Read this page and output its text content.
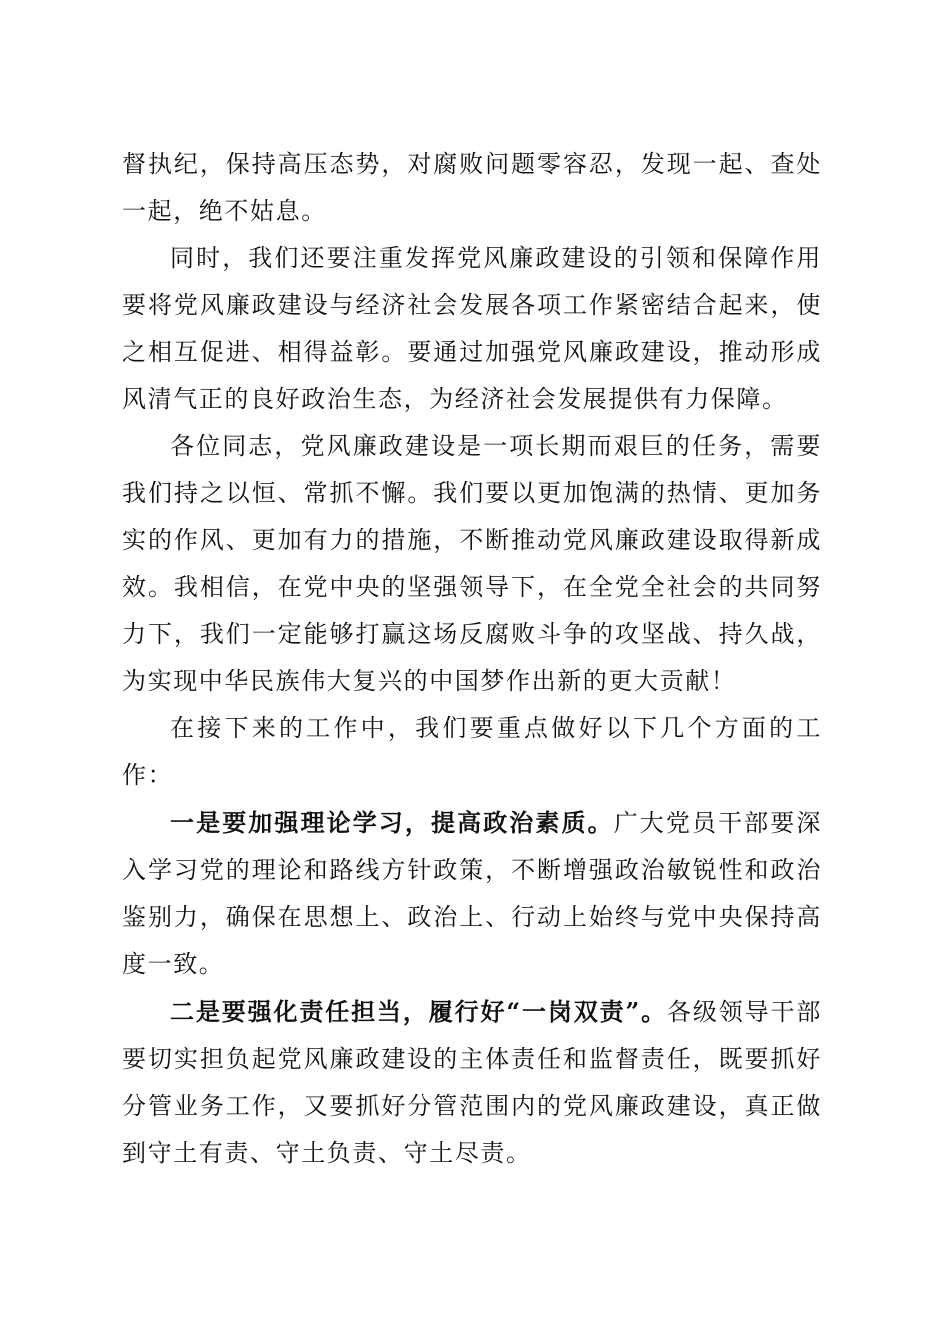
督执纪，保持高压态势，对腐败问题零容忍，发现一起、查处一起，绝不姑息。

同时，我们还要注重发挥党风廉政建设的引领和保障作用要将党风廉政建设与经济社会发展各项工作紧密结合起来，使之相互促进、相得益彰。要通过加强党风廉政建设，推动形成风清气正的良好政治生态，为经济社会发展提供有力保障。

各位同志，党风廉政建设是一项长期而艰巨的任务，需要我们持之以恒、常抓不懈。我们要以更加饱满的热情、更加务实的作风、更加有力的措施，不断推动党风廉政建设取得新成效。我相信，在党中央的坚强领导下，在全党全社会的共同努力下，我们一定能够打赢这场反腐败斗争的攻坚战、持久战，为实现中华民族伟大复兴的中国梦作出新的更大贡献！

在接下来的工作中，我们要重点做好以下几个方面的工作：

一是要加强理论学习，提高政治素质。广大党员干部要深入学习党的理论和路线方针政策，不断增强政治敏锐性和政治鉴别力，确保在思想上、政治上、行动上始终与党中央保持高度一致。

二是要强化责任担当，履行好“一岗双责”。各级领导干部要切实担负起党风廉政建设的主体责任和监督责任，既要抓好分管业务工作，又要抓好分管范围内的党风廉政建设，真正做到守土有责、守土负责、守土尽责。
